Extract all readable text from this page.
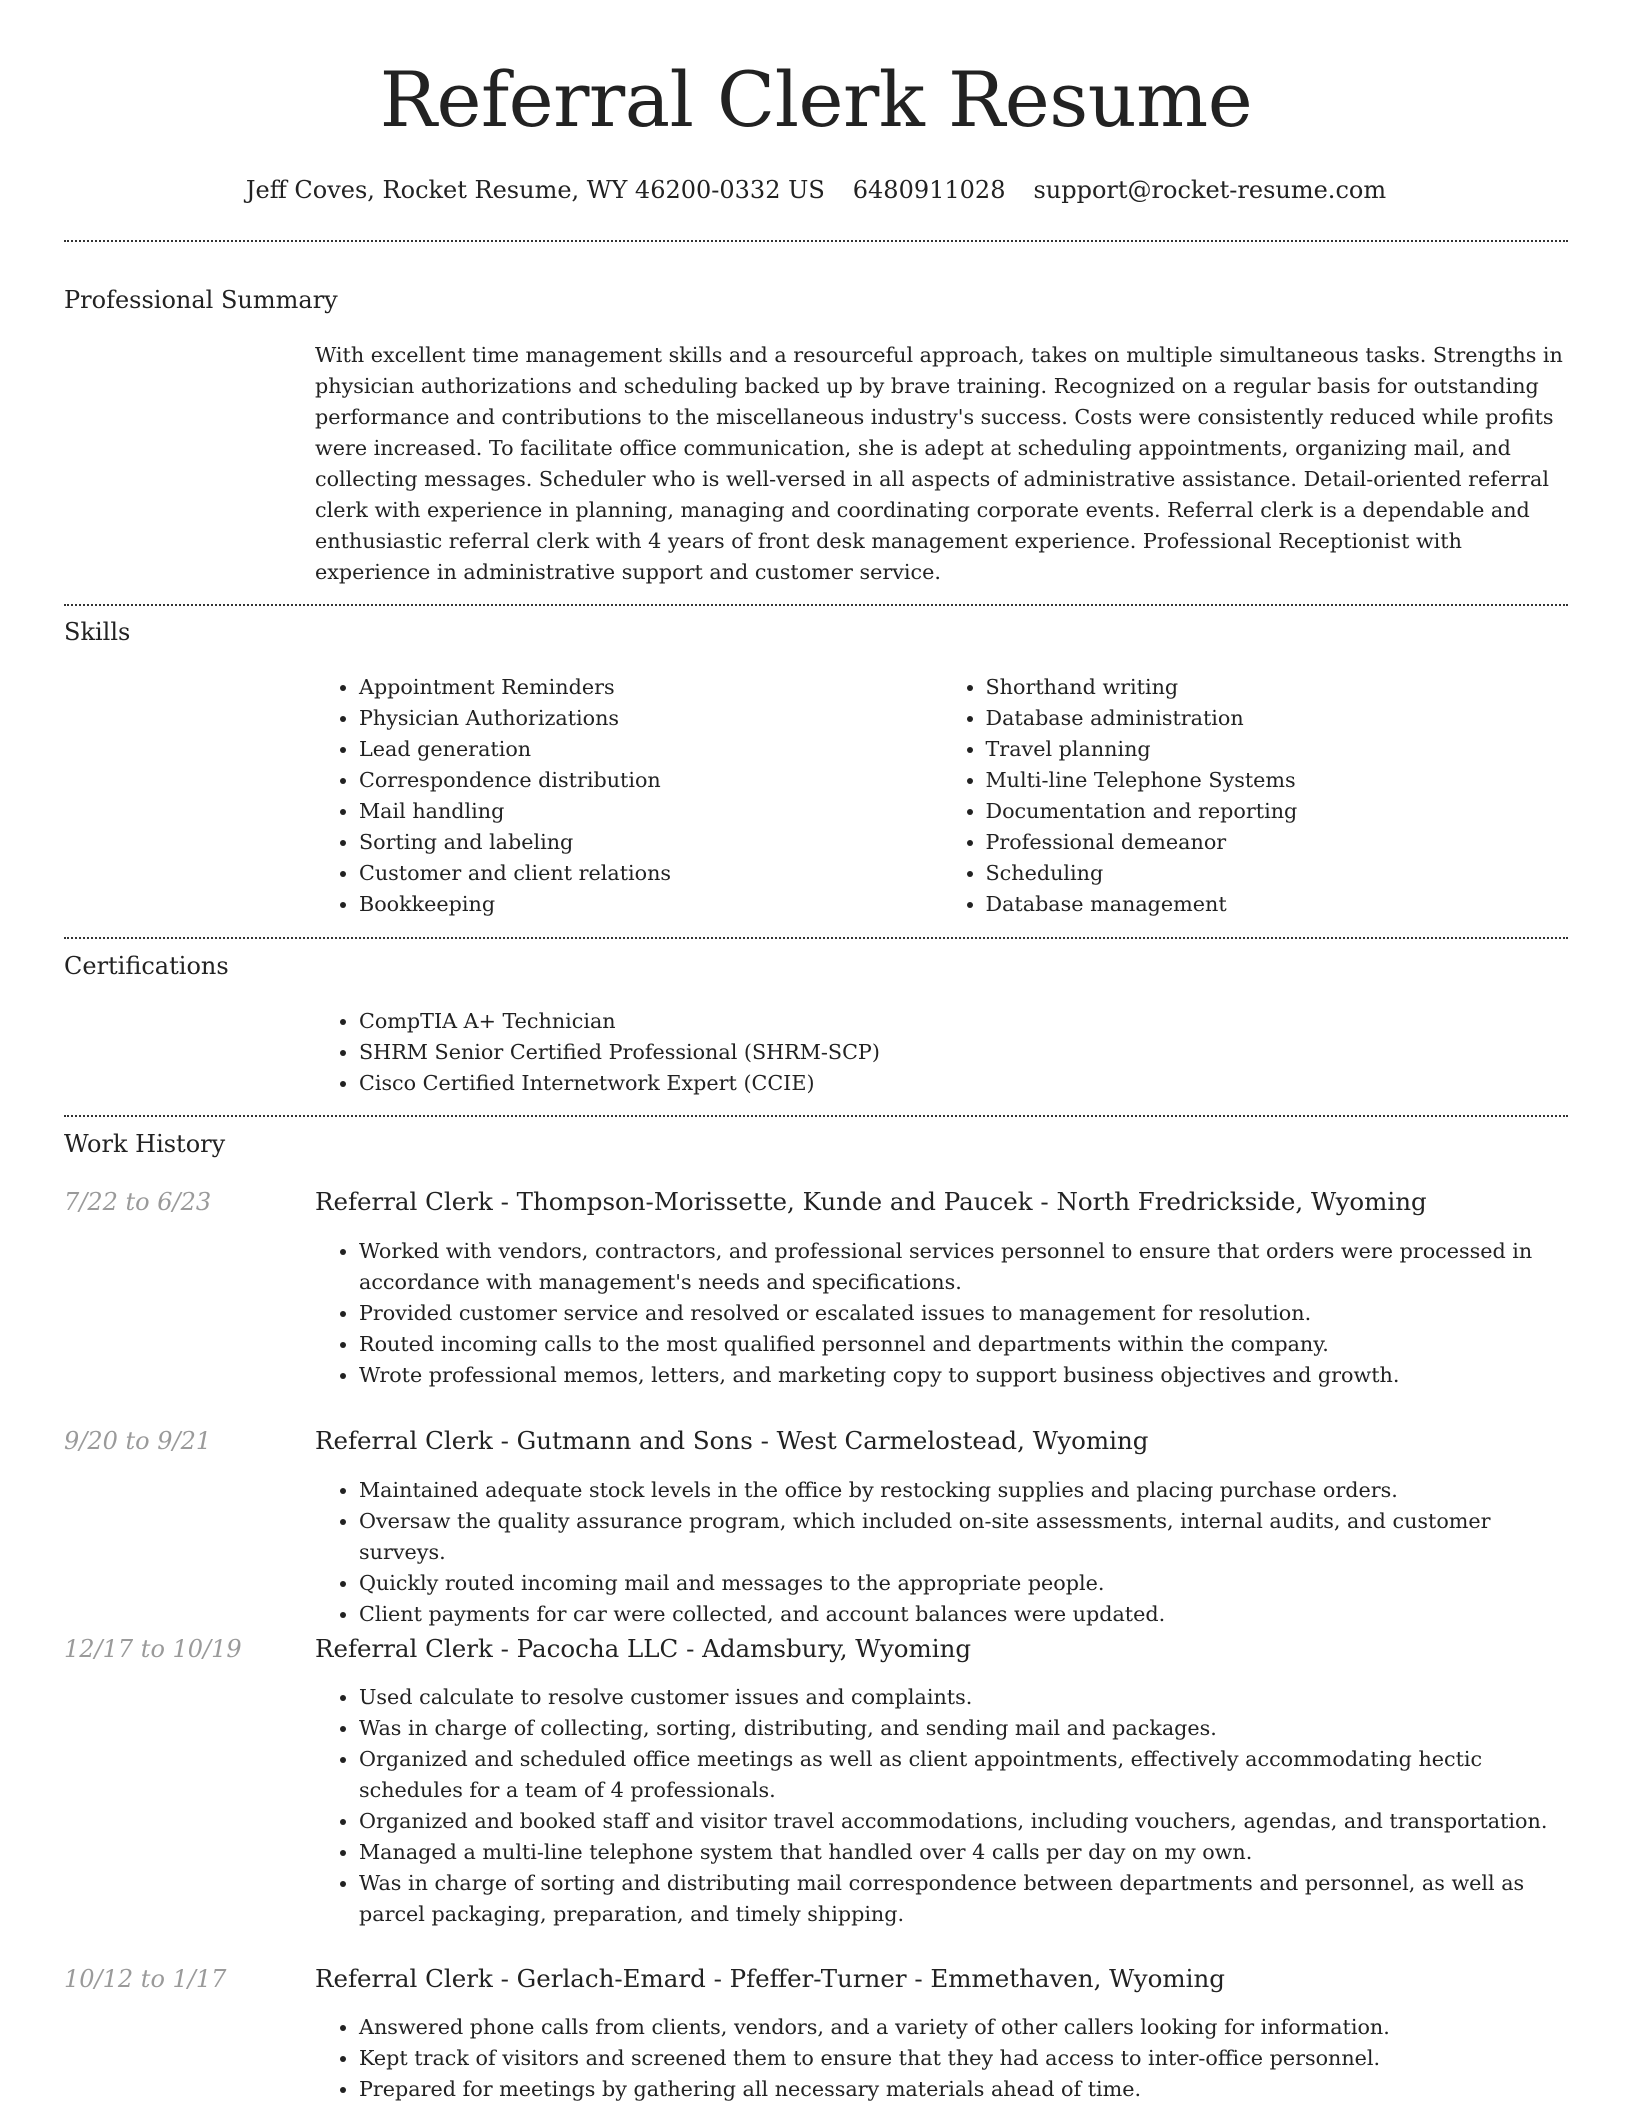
Referral Clerk Resume
Jeff Coves, Rocket Resume, WY 46200-0332 US 6480911028 support@rocket-resume.com
Professional Summary

With excellent time management skills and a resourceful approach, takes on multiple simultaneous tasks. Strengths in physician authorizations and scheduling backed up by brave training. Recognized on a regular basis for outstanding performance and contributions to the miscellaneous industry's success. Costs were consistently reduced while profits were increased. To facilitate office communication, she is adept at scheduling appointments, organizing mail, and collecting messages. Scheduler who is well-versed in all aspects of administrative assistance. Detail-oriented referral clerk with experience in planning, managing and coordinating corporate events. Referral clerk is a dependable and enthusiastic referral clerk with 4 years of front desk management experience. Professional Receptionist with experience in administrative support and customer service.

Skills
• Appointment Reminders
• Physician Authorizations
• Lead generation
• Correspondence distribution
• Mail handling
• Sorting and labeling
• Customer and client relations
• Bookkeeping
• Shorthand writing
• Database administration
• Travel planning
• Multi-line Telephone Systems
• Documentation and reporting
• Professional demeanor
• Scheduling
• Database management
Certifications
• CompTIA A+ Technician
• SHRM Senior Certified Professional (SHRM-SCP)
• Cisco Certified Internetwork Expert (CCIE)
Work History
7/22 to 6/23	Referral Clerk - Thompson-Morissette, Kunde and Paucek - North Fredrickside, Wyoming
• Worked with vendors, contractors, and professional services personnel to ensure that orders were processed in accordance with management's needs and specifications.
• Provided customer service and resolved or escalated issues to management for resolution.
• Routed incoming calls to the most qualified personnel and departments within the company.
• Wrote professional memos, letters, and marketing copy to support business objectives and growth.
9/20 to 9/21	Referral Clerk - Gutmann and Sons - West Carmelostead, Wyoming
• Maintained adequate stock levels in the office by restocking supplies and placing purchase orders.
• Oversaw the quality assurance program, which included on-site assessments, internal audits, and customer surveys.
• Quickly routed incoming mail and messages to the appropriate people.
• Client payments for car were collected, and account balances were updated.
12/17 to 10/19	Referral Clerk - Pacocha LLC - Adamsbury, Wyoming
• Used calculate to resolve customer issues and complaints.
• Was in charge of collecting, sorting, distributing, and sending mail and packages.
• Organized and scheduled office meetings as well as client appointments, effectively accommodating hectic schedules for a team of 4 professionals.
• Organized and booked staff and visitor travel accommodations, including vouchers, agendas, and transportation.
• Managed a multi-line telephone system that handled over 4 calls per day on my own.
• Was in charge of sorting and distributing mail correspondence between departments and personnel, as well as parcel packaging, preparation, and timely shipping.
10/12 to 1/17	Referral Clerk - Gerlach-Emard - Pfeffer-Turner - Emmethaven, Wyoming
• Answered phone calls from clients, vendors, and a variety of other callers looking for information.
• Kept track of visitors and screened them to ensure that they had access to inter-office personnel.
• Prepared for meetings by gathering all necessary materials ahead of time.
